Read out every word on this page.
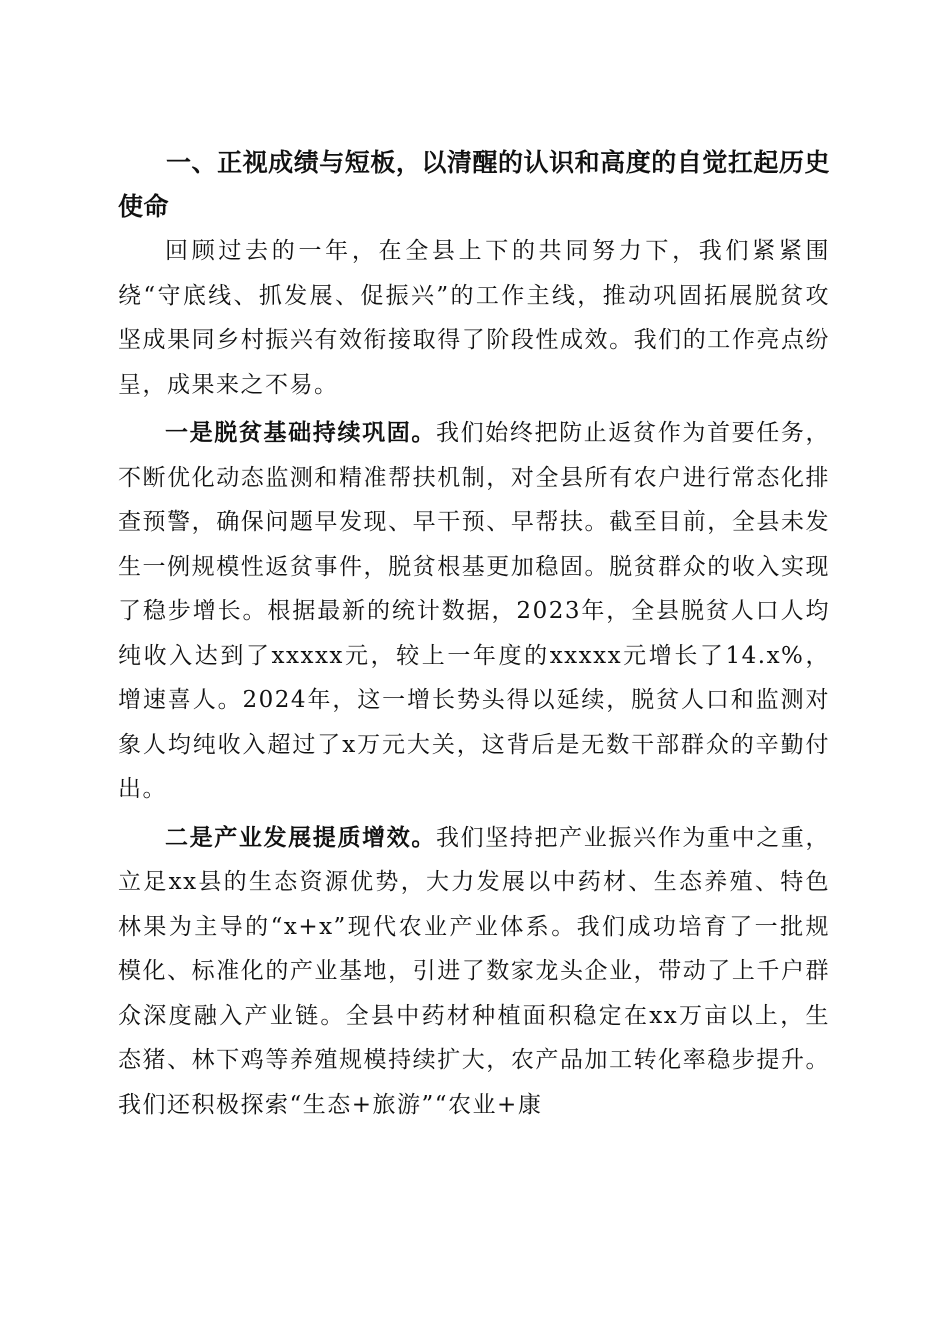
一、正视成绩与短板，以清醒的认识和高度的自觉扛起历史使命

回顾过去的一年，在全县上下的共同努力下，我们紧紧围绕“守底线、抓发展、促振兴”的工作主线，推动巩固拓展脱贫攻坚成果同乡村振兴有效衔接取得了阶段性成效。我们的工作亮点纷呈，成果来之不易。

一是脱贫基础持续巩固。我们始终把防止返贫作为首要任务，不断优化动态监测和精准帮扶机制，对全县所有农户进行常态化排查预警，确保问题早发现、早干预、早帮扶。截至目前，全县未发生一例规模性返贫事件，脱贫根基更加稳固。脱贫群众的收入实现了稳步增长。根据最新的统计数据，2023年，全县脱贫人口人均纯收入达到了xxxxx元，较上一年度的xxxxx元增长了14.x%，增速喜人。2024年，这一增长势头得以延续，脱贫人口和监测对象人均纯收入超过了x万元大关，这背后是无数干部群众的辛勤付出。

二是产业发展提质增效。我们坚持把产业振兴作为重中之重，立足xx县的生态资源优势，大力发展以中药材、生态养殖、特色林果为主导的“x+x”现代农业产业体系。我们成功培育了一批规模化、标准化的产业基地，引进了数家龙头企业，带动了上千户群众深度融入产业链。全县中药材种植面积稳定在xx万亩以上，生态猪、林下鸡等养殖规模持续扩大，农产品加工转化率稳步提升。我们还积极探索“生态+旅游”“农业+康
